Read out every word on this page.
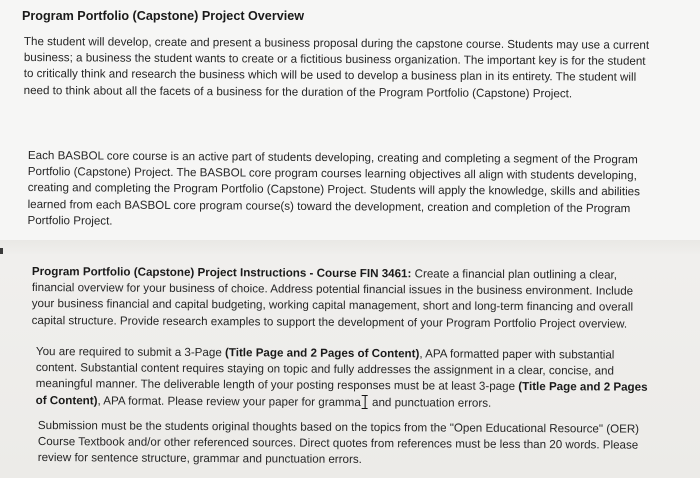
Program Portfolio (Capstone) Project Overview

The student will develop, create and present a business proposal during the capstone course. Students may use a current business; a business the student wants to create or a fictitious business organization. The important key is for the student to critically think and research the business which will be used to develop a business plan in its entirety. The student will need to think about all the facets of a business for the duration of the Program Portfolio (Capstone) Project.

Each BASBOL core course is an active part of students developing, creating and completing a segment of the Program Portfolio (Capstone) Project. The BASBOL core program courses learning objectives all align with students developing, creating and completing the Program Portfolio (Capstone) Project. Students will apply the knowledge, skills and abilities learned from each BASBOL core program course(s) toward the development, creation and completion of the Program Portfolio Project.

Program Portfolio (Capstone) Project Instructions - Course FIN 3461: Create a financial plan outlining a clear, financial overview for your business of choice. Address potential financial issues in the business environment. Include your business financial and capital budgeting, working capital management, short and long-term financing and overall capital structure. Provide research examples to support the development of your Program Portfolio Project overview.

You are required to submit a 3-Page (Title Page and 2 Pages of Content), APA formatted paper with substantial content. Substantial content requires staying on topic and fully addresses the assignment in a clear, concise, and meaningful manner. The deliverable length of your posting responses must be at least 3-page (Title Page and 2 Pages of Content), APA format. Please review your paper for gramma and punctuation errors.

Submission must be the students original thoughts based on the topics from the "Open Educational Resource" (OER) Course Textbook and/or other referenced sources. Direct quotes from references must be less than 20 words. Please review for sentence structure, grammar and punctuation errors.
